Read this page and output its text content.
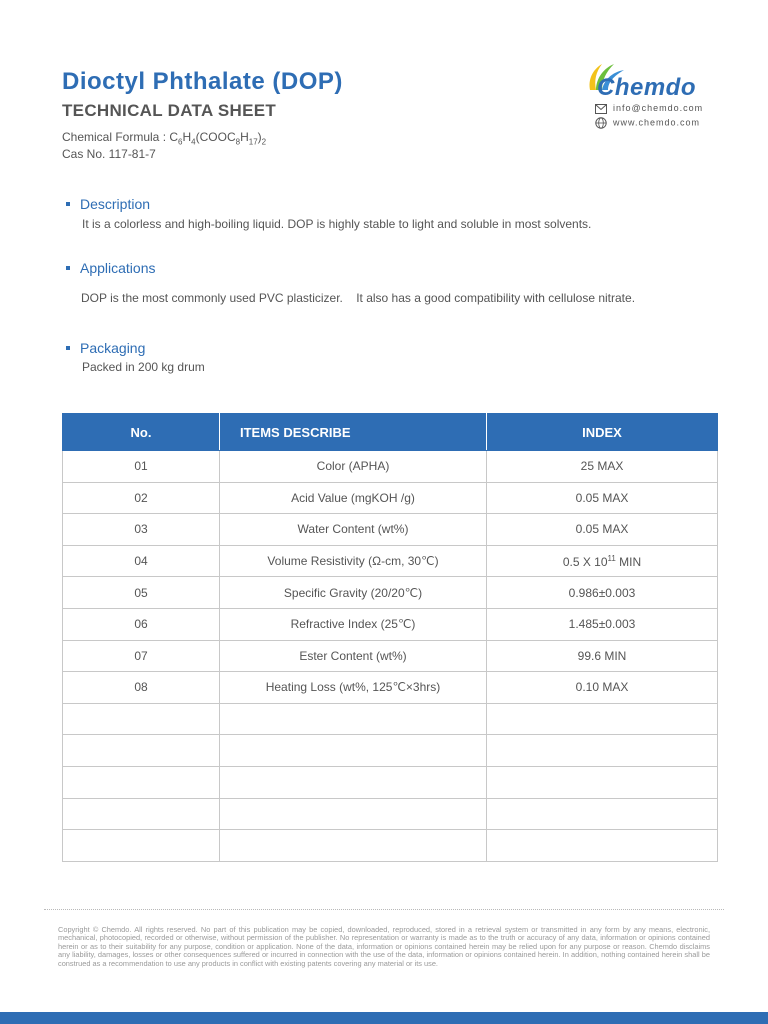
Dioctyl Phthalate (DOP)
TECHNICAL DATA SHEET
Chemical Formula : $C_6H_4(COOC_8H_{17})_2$
Cas No. 117-81-7
Chemdo
info@chemdo.com
www.chemdo.com
Description
It is a colorless and high-boiling liquid. DOP is highly stable to light and soluble in most solvents.
Applications
DOP is the most commonly used PVC plasticizer.    It also has a good compatibility with cellulose nitrate.
Packaging
Packed in 200 kg drum
No.	ITEMS DESCRIBE	INDEX
01	Color (APHA)	25 MAX
02	Acid Value (mgKOH /g)	0.05 MAX
03	Water Content (wt%)	0.05 MAX
04	Volume Resistivity (Ω-cm, 30℃)	0.5 X $10^{11}$ MIN
05	Specific Gravity (20/20℃)	0.986±0.003
06	Refractive Index (25℃)	1.485±0.003
07	Ester Content (wt%)	99.6 MIN
08	Heating Loss (wt%, 125℃×3hrs)	0.10 MAX

Copyright © Chemdo. All rights reserved. No part of this publication may be copied, downloaded, reproduced, stored in a retrieval system or transmitted in any form by any means, electronic, mechanical, photocopied, recorded or otherwise, without permission of the publisher. No representation or warranty is made as to the truth or accuracy of any data, information or opinions contained herein or as to their suitability for any purpose, condition or application. None of the data, information or opinions contained herein may be relied upon for any purpose or reason. Chemdo disclaims any liability, damages, losses or other consequences suffered or incurred in connection with the use of the data, information or opinions contained herein. In addition, nothing contained herein shall be construed as a recommendation to use any products in conflict with existing patents covering any material or its use.
